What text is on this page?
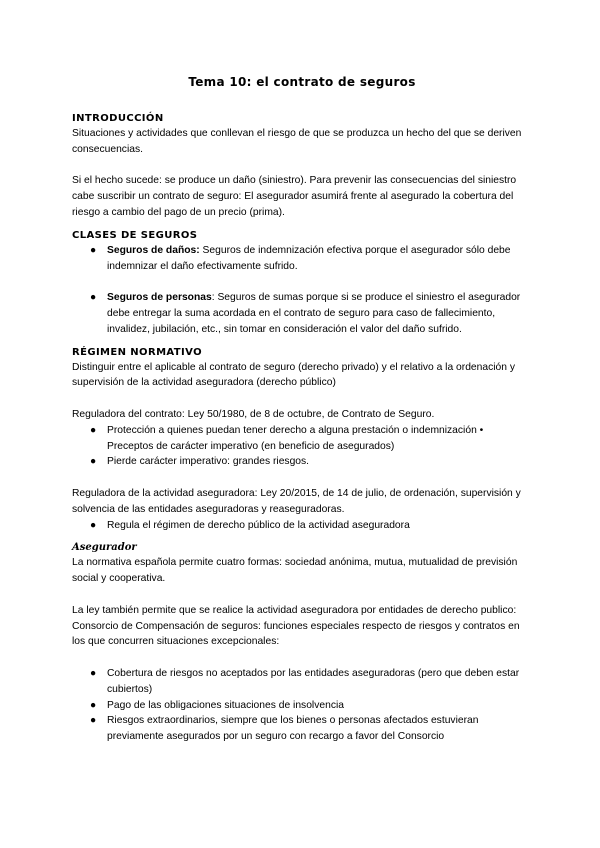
Tema 10: el contrato de seguros
INTRODUCCIÓN

Situaciones y actividades que conllevan el riesgo de que se produzca un hecho del que se deriven consecuencias.

Si el hecho sucede: se produce un daño (siniestro). Para prevenir las consecuencias del siniestro cabe suscribir un contrato de seguro: El asegurador asumirá frente al asegurado la cobertura del riesgo a cambio del pago de un precio (prima).

CLASES DE SEGUROS
● Seguros de daños: Seguros de indemnización efectiva porque el asegurador sólo debe indemnizar el daño efectivamente sufrido.
● Seguros de personas: Seguros de sumas porque si se produce el siniestro el asegurador debe entregar la suma acordada en el contrato de seguro para caso de fallecimiento, invalidez, jubilación, etc., sin tomar en consideración el valor del daño sufrido.
RÉGIMEN NORMATIVO

Distinguir entre el aplicable al contrato de seguro (derecho privado) y el relativo a la ordenación y supervisión de la actividad aseguradora (derecho público)

Reguladora del contrato: Ley 50/1980, de 8 de octubre, de Contrato de Seguro.

● Protección a quienes puedan tener derecho a alguna prestación o indemnización • Preceptos de carácter imperativo (en beneficio de asegurados)
● Pierde carácter imperativo: grandes riesgos.

Reguladora de la actividad aseguradora: Ley 20/2015, de 14 de julio, de ordenación, supervisión y solvencia de las entidades aseguradoras y reaseguradoras.

● Regula el régimen de derecho público de la actividad aseguradora
Asegurador

La normativa española permite cuatro formas: sociedad anónima, mutua, mutualidad de previsión social y cooperativa.

La ley también permite que se realice la actividad aseguradora por entidades de derecho publico: Consorcio de Compensación de seguros: funciones especiales respecto de riesgos y contratos en los que concurren situaciones excepcionales:

● Cobertura de riesgos no aceptados por las entidades aseguradoras (pero que deben estar cubiertos)
● Pago de las obligaciones situaciones de insolvencia
● Riesgos extraordinarios, siempre que los bienes o personas afectados estuvieran previamente asegurados por un seguro con recargo a favor del Consorcio
